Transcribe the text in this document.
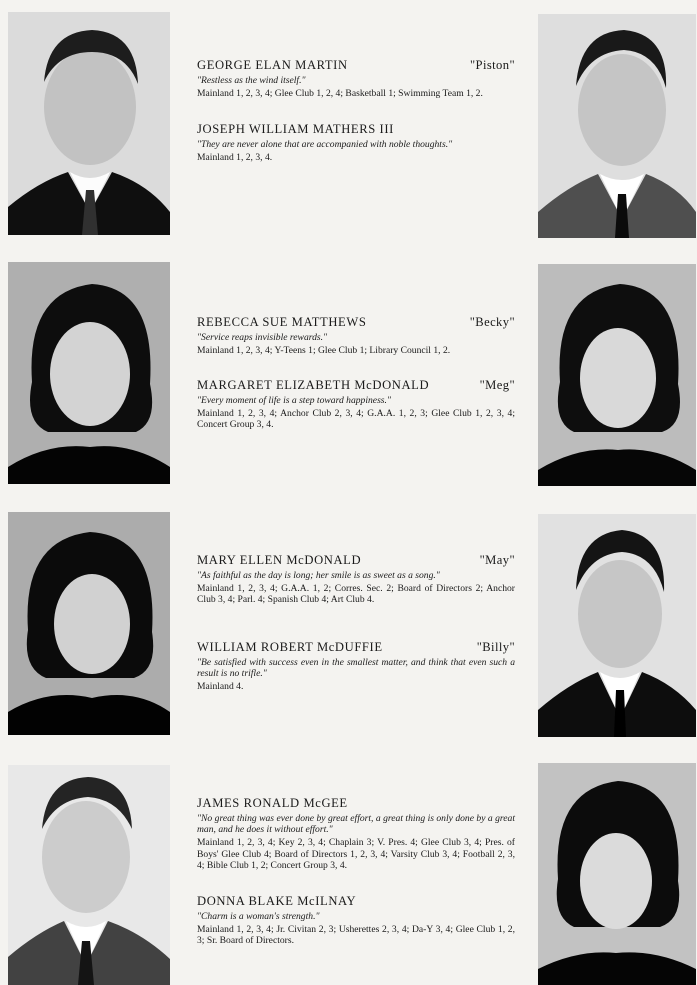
GEORGE ELAN MARTIN	"Piston"
"Restless as the wind itself."
Mainland 1, 2, 3, 4; Glee Club 1, 2, 4; Basketball 1; Swimming Team 1, 2.
JOSEPH WILLIAM MATHERS III
"They are never alone that are accompanied with noble thoughts."
Mainland 1, 2, 3, 4.
REBECCA SUE MATTHEWS	"Becky"
"Service reaps invisible rewards."
Mainland 1, 2, 3, 4; Y-Teens 1; Glee Club 1; Library Council 1, 2.
MARGARET ELIZABETH McDONALD	"Meg"
"Every moment of life is a step toward happiness."
Mainland 1, 2, 3, 4; Anchor Club 2, 3, 4; G.A.A. 1, 2, 3; Glee Club 1, 2, 3, 4; Concert Group 3, 4.
MARY ELLEN McDONALD	"May"
"As faithful as the day is long; her smile is as sweet as a song."
Mainland 1, 2, 3, 4; G.A.A. 1, 2; Corres. Sec. 2; Board of Directors 2; Anchor Club 3, 4; Parl. 4; Spanish Club 4; Art Club 4.
WILLIAM ROBERT McDUFFIE	"Billy"
"Be satisfied with success even in the smallest matter, and think that even such a result is no trifle."
Mainland 4.
JAMES RONALD McGEE
"No great thing was ever done by great effort, a great thing is only done by a great man, and he does it without effort."
Mainland 1, 2, 3, 4; Key 2, 3, 4; Chaplain 3; V. Pres. 4; Glee Club 3, 4; Pres. of Boys' Glee Club 4; Board of Directors 1, 2, 3, 4; Varsity Club 3, 4; Football 2, 3, 4; Bible Club 1, 2; Concert Group 3, 4.
DONNA BLAKE McILNAY
"Charm is a woman's strength."
Mainland 1, 2, 3, 4; Jr. Civitan 2, 3; Usherettes 2, 3, 4; Da-Y 3, 4; Glee Club 1, 2, 3; Sr. Board of Directors.
